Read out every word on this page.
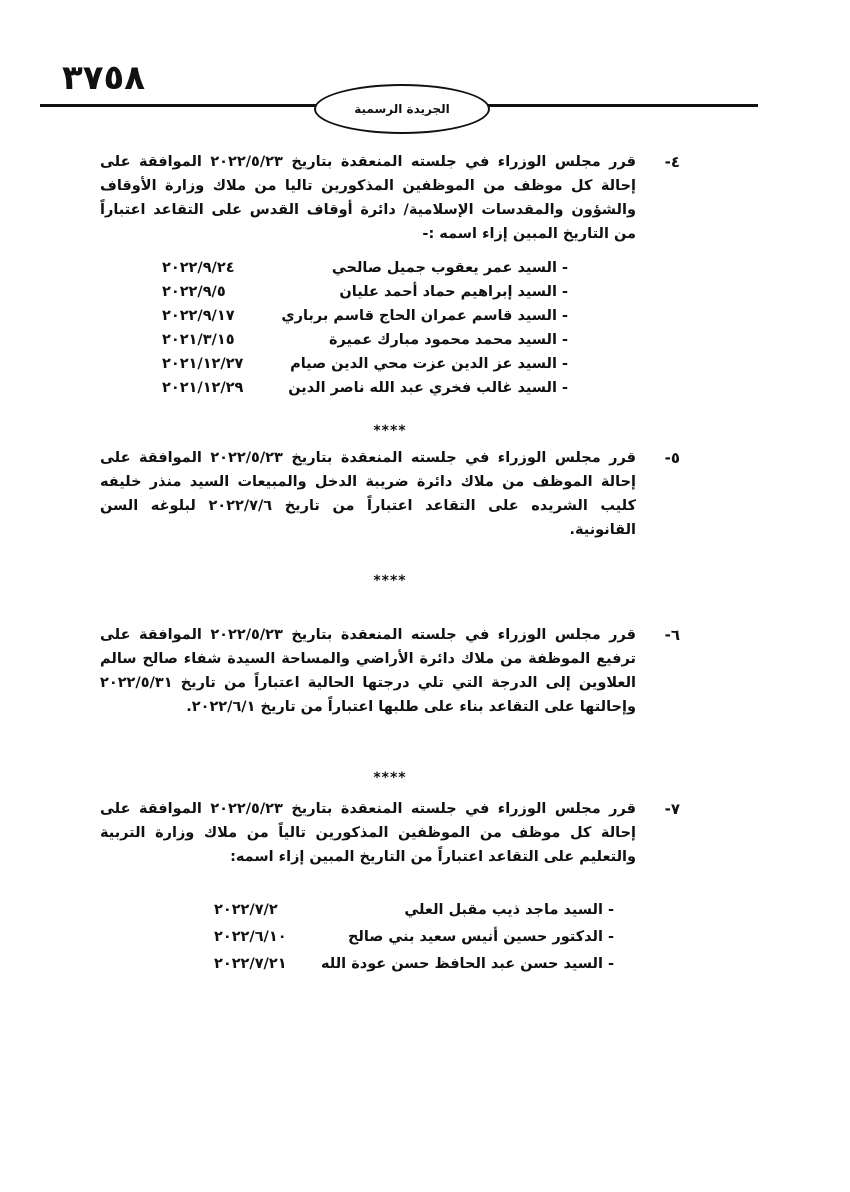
٣٧٥٨
الجريدة الرسمية
٤-
قرر مجلس الوزراء في جلسته المنعقدة بتاريخ ٢٠٢٢/٥/٢٣ الموافقة على إحالة كل موظف من الموظفين المذكورين تاليا من ملاك وزارة الأوقاف والشؤون والمقدسات الإسلامية/ دائرة أوقاف القدس على التقاعد اعتباراً من التاريخ المبين إزاء اسمه :-
- السيد عمر يعقوب جميل صالحي
٢٠٢٢/٩/٢٤
- السيد إبراهيم حماد أحمد عليان
٢٠٢٢/٩/٥
- السيد قاسم عمران الحاج قاسم برباري
٢٠٢٢/٩/١٧
- السيد محمد محمود مبارك عميرة
٢٠٢١/٣/١٥
- السيد عز الدين عزت محي الدين صيام
٢٠٢١/١٢/٢٧
- السيد غالب فخري عبد الله ناصر الدين
٢٠٢١/١٢/٢٩
****
٥-
قرر مجلس الوزراء في جلسته المنعقدة بتاريخ ٢٠٢٢/٥/٢٣ الموافقة على إحالة الموظف من ملاك دائرة ضريبة الدخل والمبيعات السيد منذر خليفه كليب الشريده على التقاعد اعتباراً من تاريخ ٢٠٢٢/٧/٦ لبلوغه السن القانونية.
****
٦-
قرر مجلس الوزراء في جلسته المنعقدة بتاريخ ٢٠٢٢/٥/٢٣ الموافقة على ترفيع الموظفة من ملاك دائرة الأراضي والمساحة السيدة شفاء صالح سالم العلاوين إلى الدرجة التي تلي درجتها الحالية اعتباراً من تاريخ ٢٠٢٢/٥/٣١ وإحالتها على التقاعد بناء على طلبها اعتباراً من تاريخ ٢٠٢٢/٦/١.
****
٧-
قرر مجلس الوزراء في جلسته المنعقدة بتاريخ ٢٠٢٢/٥/٢٣ الموافقة على إحالة كل موظف من الموظفين المذكورين تالياً من ملاك وزارة التربية والتعليم على التقاعد اعتباراً من التاريخ المبين إزاء اسمه:
- السيد ماجد ذيب مقبل العلي
٢٠٢٢/٧/٢
- الدكتور حسين أنيس سعيد بني صالح
٢٠٢٢/٦/١٠
- السيد حسن عبد الحافظ حسن عودة الله
٢٠٢٢/٧/٢١
